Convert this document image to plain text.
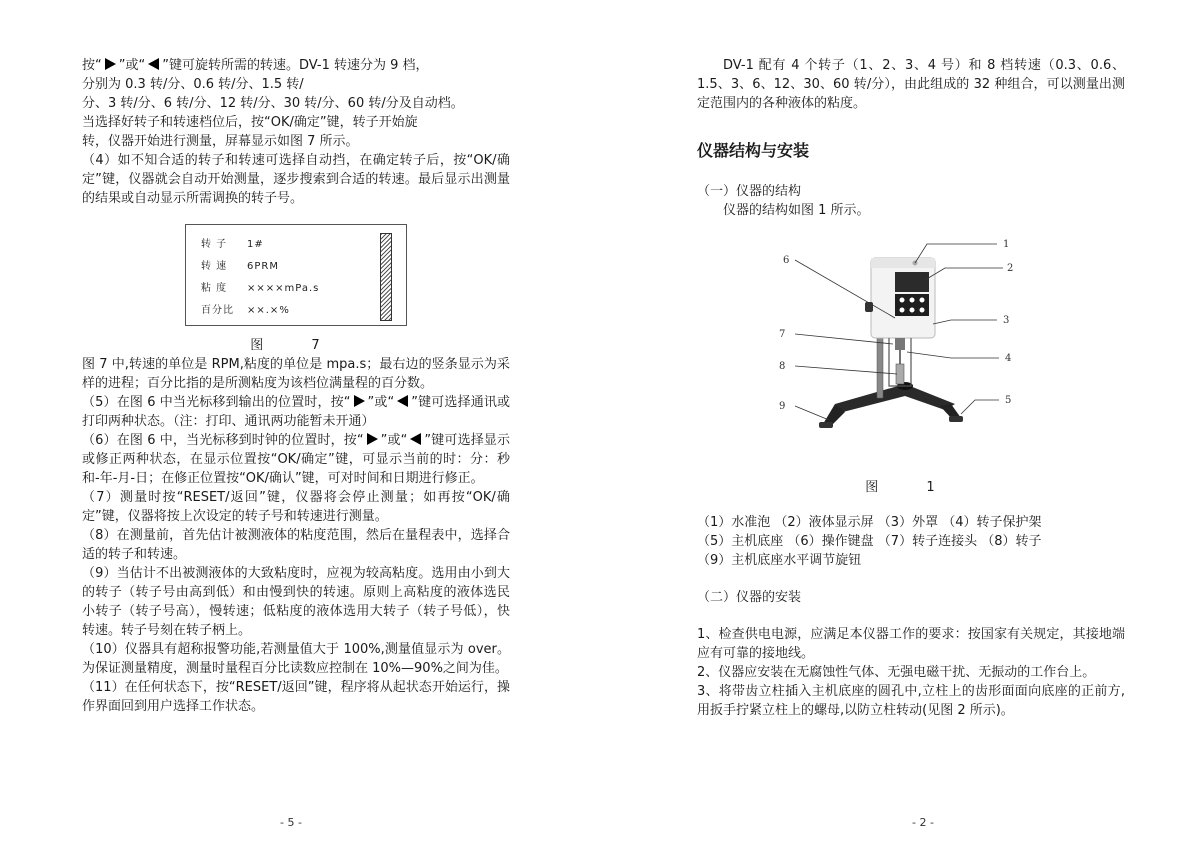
按“ ”或“ ”键可旋转所需的转速。DV-1 转速分为 9 档，
分别为 0.3 转/分、0.6 转/分、1.5 转/
分、3 转/分、6 转/分、12 转/分、30 转/分、60 转/分及自动档。
当选择好转子和转速档位后，按“OK/确定”键，转子开始旋
转，仪器开始进行测量，屏幕显示如图 7 所示。

（4）如不知合适的转子和转速可选择自动挡，在确定转子后，按“OK/确定”键，仪器就会自动开始测量，逐步搜索到合适的转速。最后显示出测量的结果或自动显示所需调换的转子号。

转 子 1#
转 速 6PRM
粘 度 ××××mPa.s
百分比 ××.×%

图 7

图 7 中,转速的单位是 RPM,粘度的单位是 mpa.s；最右边的竖条显示为采样的进程；百分比指的是所测粘度为该档位满量程的百分数。

（5）在图 6 中当光标移到输出的位置时，按“ ”或“ ”键可选择通讯或打印两种状态。（注：打印、通讯两功能暂未开通）

（6）在图 6 中，当光标移到时钟的位置时，按“ ”或“ ”键可选择显示或修正两种状态，在显示位置按“OK/确定”键，可显示当前的时：分：秒和-年-月-日；在修正位置按“OK/确认”键，可对时间和日期进行修正。

（7）测量时按“RESET/返回”键，仪器将会停止测量；如再按“OK/确定”键，仪器将按上次设定的转子号和转速进行测量。

（8）在测量前，首先估计被测液体的粘度范围，然后在量程表中，选择合适的转子和转速。

（9）当估计不出被测液体的大致粘度时，应视为较高粘度。选用由小到大的转子（转子号由高到低）和由慢到快的转速。原则上高粘度的液体选民小转子（转子号高），慢转速；低粘度的液体选用大转子（转子号低），快转速。转子号刻在转子柄上。

（10）仪器具有超称报警功能,若测量值大于 100%,测量值显示为 over。为保证测量精度，测量时量程百分比读数应控制在 10%—90%之间为佳。

（11）在任何状态下，按“RESET/返回”键，程序将从起状态开始运行，操作界面回到用户选择工作状态。

- 5 -

DV-1 配有 4 个转子（1、2、3、4 号）和 8 档转速（0.3、0.6、1.5、3、6、12、30、60 转/分），由此组成的 32 种组合，可以测量出测定范围内的各种液体的粘度。

仪器结构与安装

（一）仪器的结构

仪器的结构如图 1 所示。

1
2
3
4
5
6
7
8
9

图 1

（1）水准泡 （2）液体显示屏 （3）外罩 （4）转子保护架
（5）主机底座 （6）操作键盘 （7）转子连接头 （8）转子
（9）主机底座水平调节旋钮

（二）仪器的安装

1、检查供电电源，应满足本仪器工作的要求：按国家有关规定，其接地端应有可靠的接地线。

2、仪器应安装在无腐蚀性气体、无强电磁干扰、无振动的工作台上。

3、将带齿立柱插入主机底座的圆孔中,立柱上的齿形面面向底座的正前方,用扳手拧紧立柱上的螺母,以防立柱转动(见图 2 所示)。

- 2 -
